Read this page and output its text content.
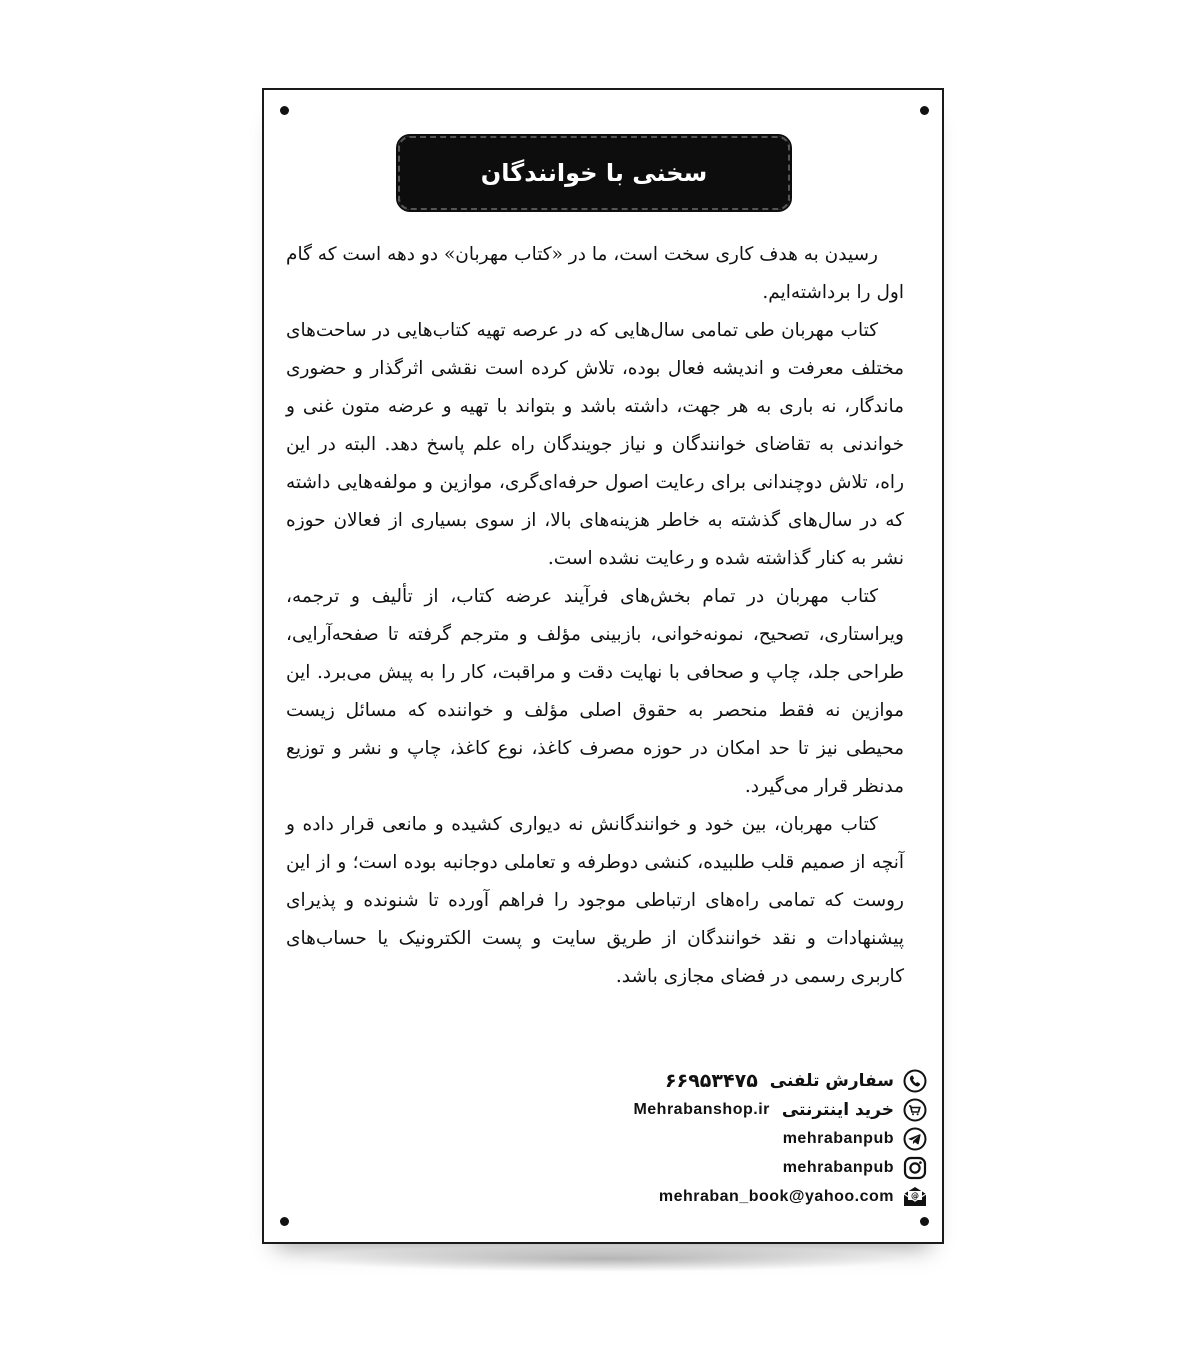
سخنی با خوانندگان

رسیدن به هدف کاری سخت است، ما در «کتاب مهربان» دو دهه است که گام اول را برداشته‌ایم.

کتاب مهربان طی تمامی سال‌هایی که در عرصه‌ تهیه کتاب‌هایی در ساحت‌های مختلف معرفت و اندیشه فعال بوده، تلاش کرده است نقشی اثرگذار و حضوری ماندگار، نه باری به هر جهت، داشته باشد و بتواند با تهیه‌ و عرضه متون‌ غنی و خواندنی به تقاضای خوانندگان و نیاز جویندگان راه علم پاسخ دهد. البته در این راه، تلاش دوچندانی برای رعایت اصول حرفه‌ای‌گری، موازین و مولفه‌هایی داشته که در سال‌های گذشته به خاطر هزینه‌های بالا، از سوی بسیاری از فعالان حوزه نشر به کنار گذاشته شده و رعایت نشده است.

کتاب مهربان در تمام بخش‌های فرآیند عرضه کتاب، از تألیف و ترجمه، ویراستاری، تصحیح، نمونه‌خوانی، بازبینی مؤلف‌ و مترجم گرفته تا صفحه‌آرایی، طراحی جلد، چاپ و صحافی با نهایت دقت و مراقبت، کار را به پیش می‌برد. این موازین نه فقط منحصر به حقوق اصلی مؤلف و خواننده که مسائل زیست محیطی نیز تا حد امکان در حوزه مصرف کاغذ، نوع کاغذ، چاپ و نشر و توزیع مدنظر قرار می‌گیرد.

کتاب مهربان، بین خود و خوانندگانش نه دیواری کشیده و مانعی قرار داده و آنچه از صمیم قلب طلبیده، کنشی دوطرفه و تعاملی دوجانبه بوده است؛ و از این روست که تمامی راه‌های ارتباطی موجود را فراهم آورده تا شنونده و پذیرای پیشنهادات و نقد خوانندگان از طریق سایت و پست الکترونیک یا حساب‌های کاربری رسمی در فضای مجازی باشد.

سفارش تلفنی
۶۶۹۵۳۴۷۵
خرید اینترنتی
Mehrabanshop.ir
mehrabanpub
mehrabanpub
@
mehraban_book@yahoo.com
